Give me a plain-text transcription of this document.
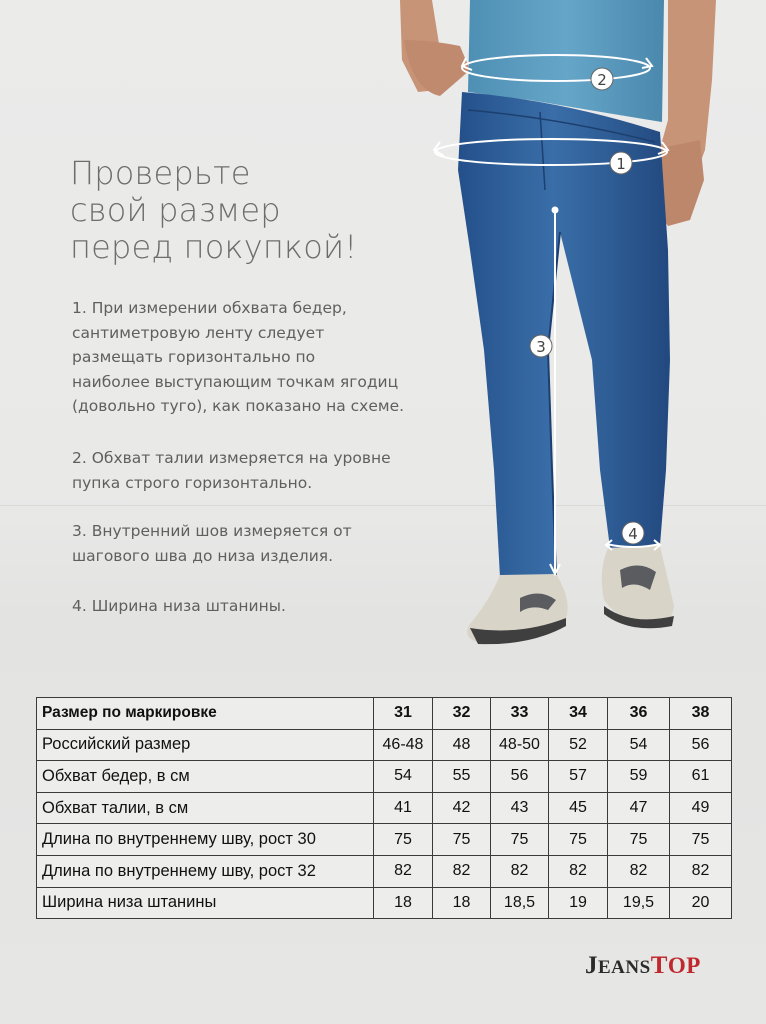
Проверьте
свой размер
перед покупкой!
1. При измерении обхвата бедер,
сантиметровую ленту следует
размещать горизонтально по
наиболее выступающим точкам ягодиц
(довольно туго), как показано на схеме.
2. Обхват талии измеряется на уровне
пупка строго горизонтально.
3. Внутренний шов измеряется от
шагового шва до низа изделия.
4. Ширина низа штанины.
1
2
3
4
Размер по маркировке	31	32	33	34	36	38
Российский размер	46-48	48	48-50	52	54	56
Обхват бедер, в см	54	55	56	57	59	61
Обхват талии, в см	41	42	43	45	47	49
Длина по внутреннему шву, рост 30	75	75	75	75	75	75
Длина по внутреннему шву, рост 32	82	82	82	82	82	82
Ширина низа штанины	18	18	18,5	19	19,5	20
JEANSTOP
